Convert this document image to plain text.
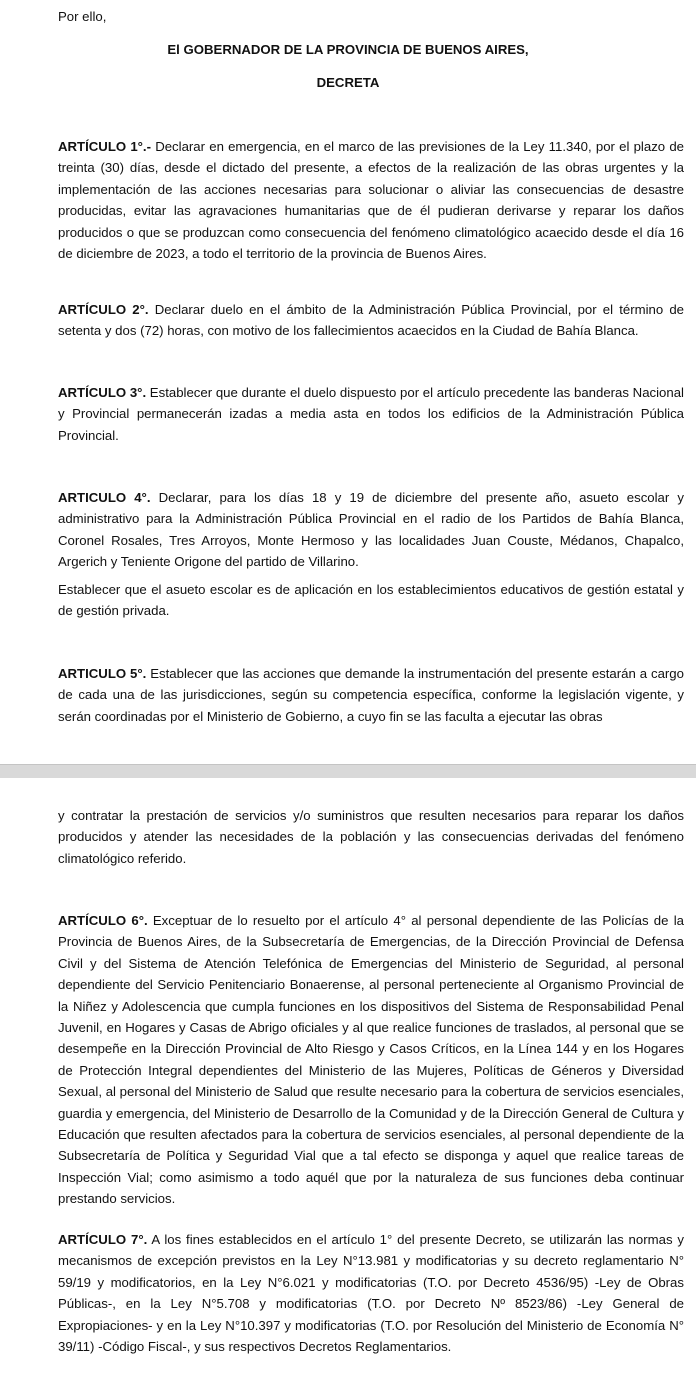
Por ello,

El GOBERNADOR DE LA PROVINCIA DE BUENOS AIRES,

DECRETA

ARTÍCULO 1°.- Declarar en emergencia, en el marco de las previsiones de la Ley 11.340, por el plazo de treinta (30) días, desde el dictado del presente, a efectos de la realización de las obras urgentes y la implementación de las acciones necesarias para solucionar o aliviar las consecuencias de desastre producidas, evitar las agravaciones humanitarias que de él pudieran derivarse y reparar los daños producidos o que se produzcan como consecuencia del fenómeno climatológico acaecido desde el día 16 de diciembre de 2023, a todo el territorio de la provincia de Buenos Aires.

ARTÍCULO 2°. Declarar duelo en el ámbito de la Administración Pública Provincial, por el término de setenta y dos (72) horas, con motivo de los fallecimientos acaecidos en la Ciudad de Bahía Blanca.

ARTÍCULO 3°. Establecer que durante el duelo dispuesto por el artículo precedente las banderas Nacional y Provincial permanecerán izadas a media asta en todos los edificios de la Administración Pública Provincial.

ARTICULO 4°. Declarar, para los días 18 y 19 de diciembre del presente año, asueto escolar y administrativo para la Administración Pública Provincial en el radio de los Partidos de Bahía Blanca, Coronel Rosales, Tres Arroyos, Monte Hermoso y las localidades Juan Couste, Médanos, Chapalco, Argerich y Teniente Origone del partido de Villarino.

Establecer que el asueto escolar es de aplicación en los establecimientos educativos de gestión estatal y de gestión privada.

ARTICULO 5°. Establecer que las acciones que demande la instrumentación del presente estarán a cargo de cada una de las jurisdicciones, según su competencia específica, conforme la legislación vigente, y serán coordinadas por el Ministerio de Gobierno, a cuyo fin se las faculta a ejecutar las obras

y contratar la prestación de servicios y/o suministros que resulten necesarios para reparar los daños producidos y atender las necesidades de la población y las consecuencias derivadas del fenómeno climatológico referido.

ARTÍCULO 6°. Exceptuar de lo resuelto por el artículo 4° al personal dependiente de las Policías de la Provincia de Buenos Aires, de la Subsecretaría de Emergencias, de la Dirección Provincial de Defensa Civil y del Sistema de Atención Telefónica de Emergencias del Ministerio de Seguridad, al personal dependiente del Servicio Penitenciario Bonaerense, al personal perteneciente al Organismo Provincial de la Niñez y Adolescencia que cumpla funciones en los dispositivos del Sistema de Responsabilidad Penal Juvenil, en Hogares y Casas de Abrigo oficiales y al que realice funciones de traslados, al personal que se desempeñe en la Dirección Provincial de Alto Riesgo y Casos Críticos, en la Línea 144 y en los Hogares de Protección Integral dependientes del Ministerio de las Mujeres, Políticas de Géneros y Diversidad Sexual, al personal del Ministerio de Salud que resulte necesario para la cobertura de servicios esenciales, guardia y emergencia, del Ministerio de Desarrollo de la Comunidad y de la Dirección General de Cultura y Educación que resulten afectados para la cobertura de servicios esenciales, al personal dependiente de la Subsecretaría de Política y Seguridad Vial que a tal efecto se disponga y aquel que realice tareas de Inspección Vial; como asimismo a todo aquél que por la naturaleza de sus funciones deba continuar prestando servicios.

ARTÍCULO 7°. A los fines establecidos en el artículo 1° del presente Decreto, se utilizarán las normas y mecanismos de excepción previstos en la Ley N°13.981 y modificatorias y su decreto reglamentario N° 59/19 y modificatorios, en la Ley N°6.021 y modificatorias (T.O. por Decreto 4536/95) -Ley de Obras Públicas-, en la Ley N°5.708 y modificatorias (T.O. por Decreto Nº 8523/86) -Ley General de Expropiaciones- y en la Ley N°10.397 y modificatorias (T.O. por Resolución del Ministerio de Economía N° 39/11) -Código Fiscal-, y sus respectivos Decretos Reglamentarios.
